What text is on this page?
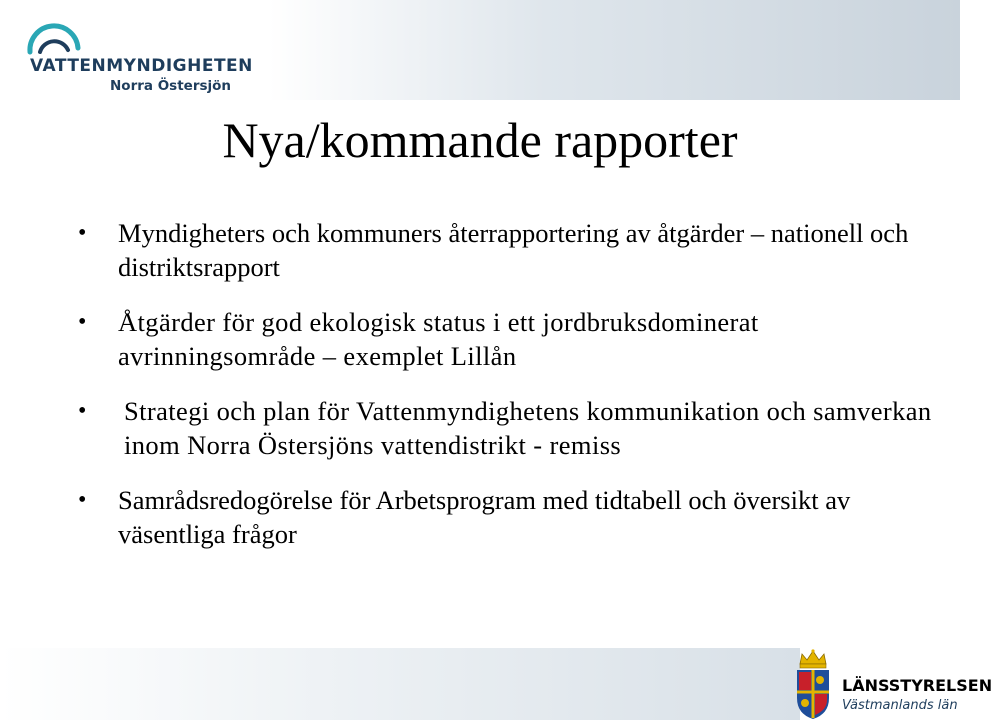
VATTENMYNDIGHETEN
Norra Östersjön
Nya/kommande rapporter
• Myndigheters och kommuners återrapportering av åtgärder – nationell och distriktsrapport
• Åtgärder för god ekologisk status i ett jordbruksdominerat avrinningsområde – exemplet Lillån
• Strategi och plan för Vattenmyndighetens kommunikation och samverkan inom Norra Östersjöns vattendistrikt - remiss
• Samrådsredogörelse för Arbetsprogram med tidtabell och översikt av väsentliga frågor
LÄNSSTYRELSEN
Västmanlands län
